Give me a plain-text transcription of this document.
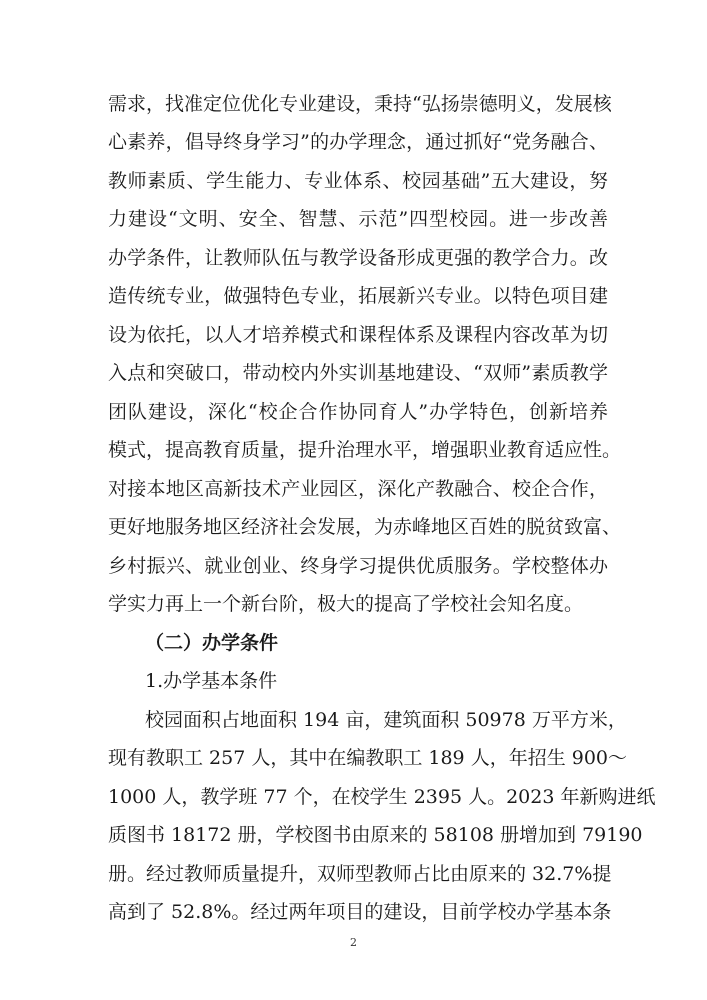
需求，找准定位优化专业建设，秉持“弘扬崇德明义，发展核
心素养，倡导终身学习”的办学理念，通过抓好“党务融合、
教师素质、学生能力、专业体系、校园基础”五大建设，努
力建设“文明、安全、智慧、示范”四型校园。进一步改善
办学条件，让教师队伍与教学设备形成更强的教学合力。改
造传统专业，做强特色专业，拓展新兴专业。以特色项目建
设为依托，以人才培养模式和课程体系及课程内容改革为切
入点和突破口，带动校内外实训基地建设、“双师”素质教学
团队建设，深化“校企合作协同育人”办学特色，创新培养
模式，提高教育质量，提升治理水平，增强职业教育适应性。
对接本地区高新技术产业园区，深化产教融合、校企合作，
更好地服务地区经济社会发展，为赤峰地区百姓的脱贫致富、
乡村振兴、就业创业、终身学习提供优质服务。学校整体办
学实力再上一个新台阶，极大的提高了学校社会知名度。
（二）办学条件
1.办学基本条件
校园面积占地面积 194 亩，建筑面积 50978 万平方米，
现有教职工 257 人，其中在编教职工 189 人，年招生 900～
1000 人，教学班 77 个，在校学生 2395 人。2023 年新购进纸
质图书 18172 册，学校图书由原来的 58108 册增加到 79190
册。经过教师质量提升，双师型教师占比由原来的 32.7%提
高到了 52.8%。经过两年项目的建设，目前学校办学基本条
2
